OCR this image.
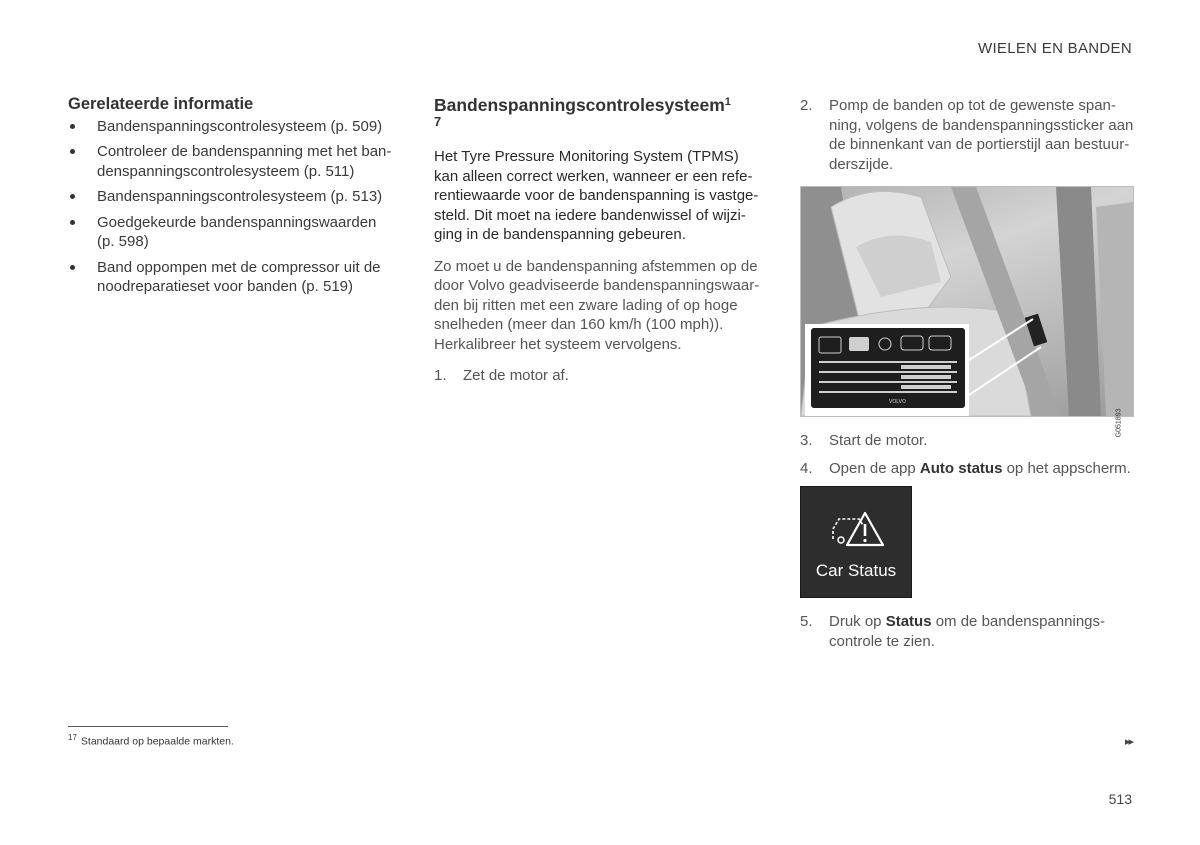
WIELEN EN BANDEN
Gerelateerde informatie
Bandenspanningscontrolesysteem (p. 509)
Controleer de bandenspanning met het bandenspanningscontrolesysteem (p. 511)
Bandenspanningscontrolesysteem (p. 513)
Goedgekeurde bandenspanningswaarden (p. 598)
Band oppompen met de compressor uit de noodreparatieset voor banden (p. 519)
Bandenspanningscontrolesysteem$^1$
7

Het Tyre Pressure Monitoring System (TPMS) kan alleen correct werken, wanneer er een referentiewaarde voor de bandenspanning is vastgesteld. Dit moet na iedere bandenwissel of wijziging in de bandenspanning gebeuren.

Zo moet u de bandenspanning afstemmen op de door Volvo geadviseerde bandenspanningswaarden bij ritten met een zware lading of op hoge snelheden (meer dan 160 km/h (100 mph)). Herkalibreer het systeem vervolgens.

1. Zet de motor af.
2. Pomp de banden op tot de gewenste spanning, volgens de bandenspanningssticker aan de binnenkant van de portierstijl aan bestuurderszijde.
VOLVO
G051893
3. Start de motor.
4. Open de app Auto status op het appscherm.
Car Status
5. Druk op Status om de bandenspanningscontrole te zien.
$^{17}$ Standaard op bepaalde markten.	▸▸
513
